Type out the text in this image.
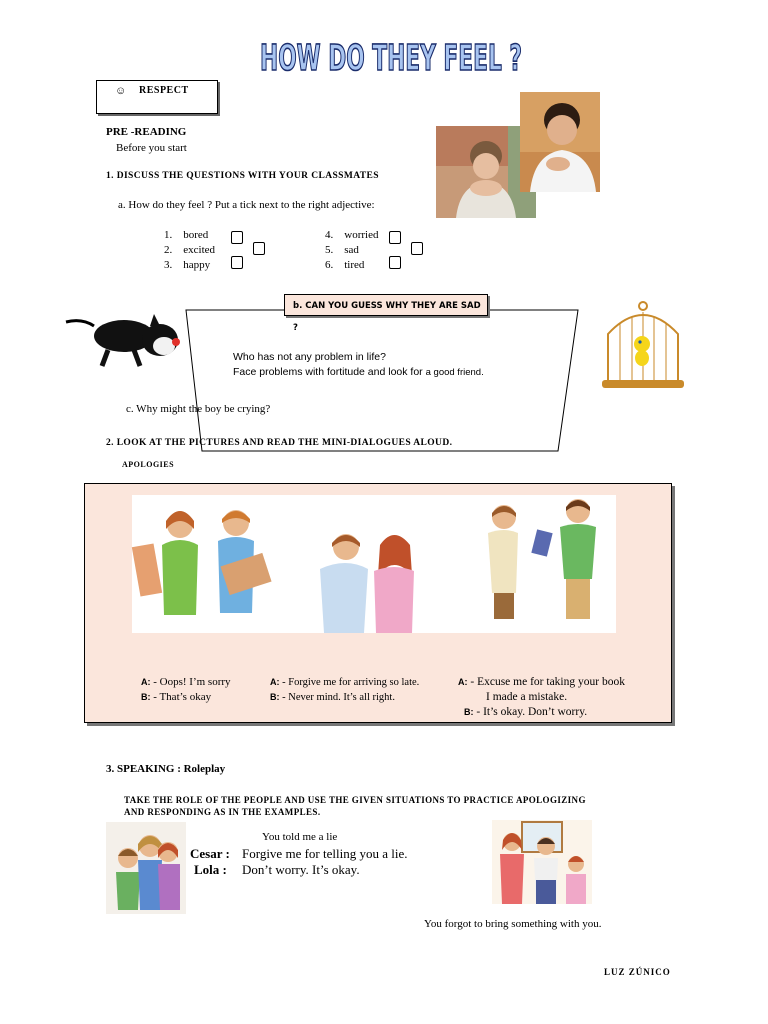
HOW DO THEY FEEL ?
☺ RESPECT
PRE -READING
Before you start
1. DISCUSS THE QUESTIONS WITH YOUR CLASSMATES
a. How do they feel ? Put a tick next to the right adjective:
1. bored
2. excited
3. happy
4. worried
5. sad
6. tired
b. CAN YOU GUESS WHY THEY ARE SAD ?
Who has not any problem in life?
Face problems with fortitude and look for a good friend.
c. Why might the boy be crying?
2. LOOK AT THE PICTURES AND READ THE MINI-DIALOGUES ALOUD.
APOLOGIES
A: - Oops! I’m sorry
B: - That’s okay
A: - Forgive me for arriving so late.
B: - Never mind. It’s all right.
A: - Excuse me for taking your book
I made a mistake.
B: - It’s okay. Don’t worry.
3. SPEAKING : Roleplay
TAKE THE ROLE OF THE PEOPLE AND USE THE GIVEN SITUATIONS TO PRACTICE APOLOGIZING
AND RESPONDING AS IN THE EXAMPLES.
You told me a lie
Cesar : Forgive me for telling you a lie.
Lola : Don’t worry. It’s okay.
You forgot to bring something with you.
LUZ ZÚNICO
